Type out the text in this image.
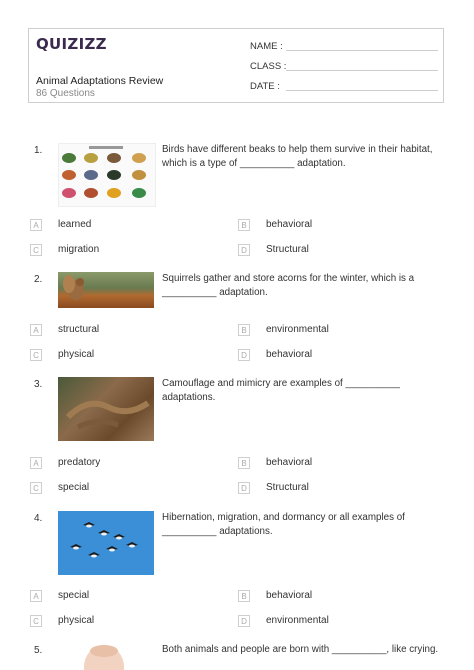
QUIZIZZ
Animal Adaptations Review
86 Questions
NAME :
CLASS :
DATE :
1.	Birds have different beaks to help them survive in their habitat, which is a type of __________ adaptation.
A	learned	B	behavioral
C	migration	D	Structural
2.	Squirrels gather and store acorns for the winter, which is a __________ adaptation.
A	structural	B	environmental
C	physical	D	behavioral
3.	Camouflage and mimicry are examples of __________ adaptations.
A	predatory	B	behavioral
C	special	D	Structural
4.	Hibernation, migration, and dormancy or all examples of __________ adaptations.
A	special	B	behavioral
C	physical	D	environmental
5.	Both animals and people are born with __________, like crying.
